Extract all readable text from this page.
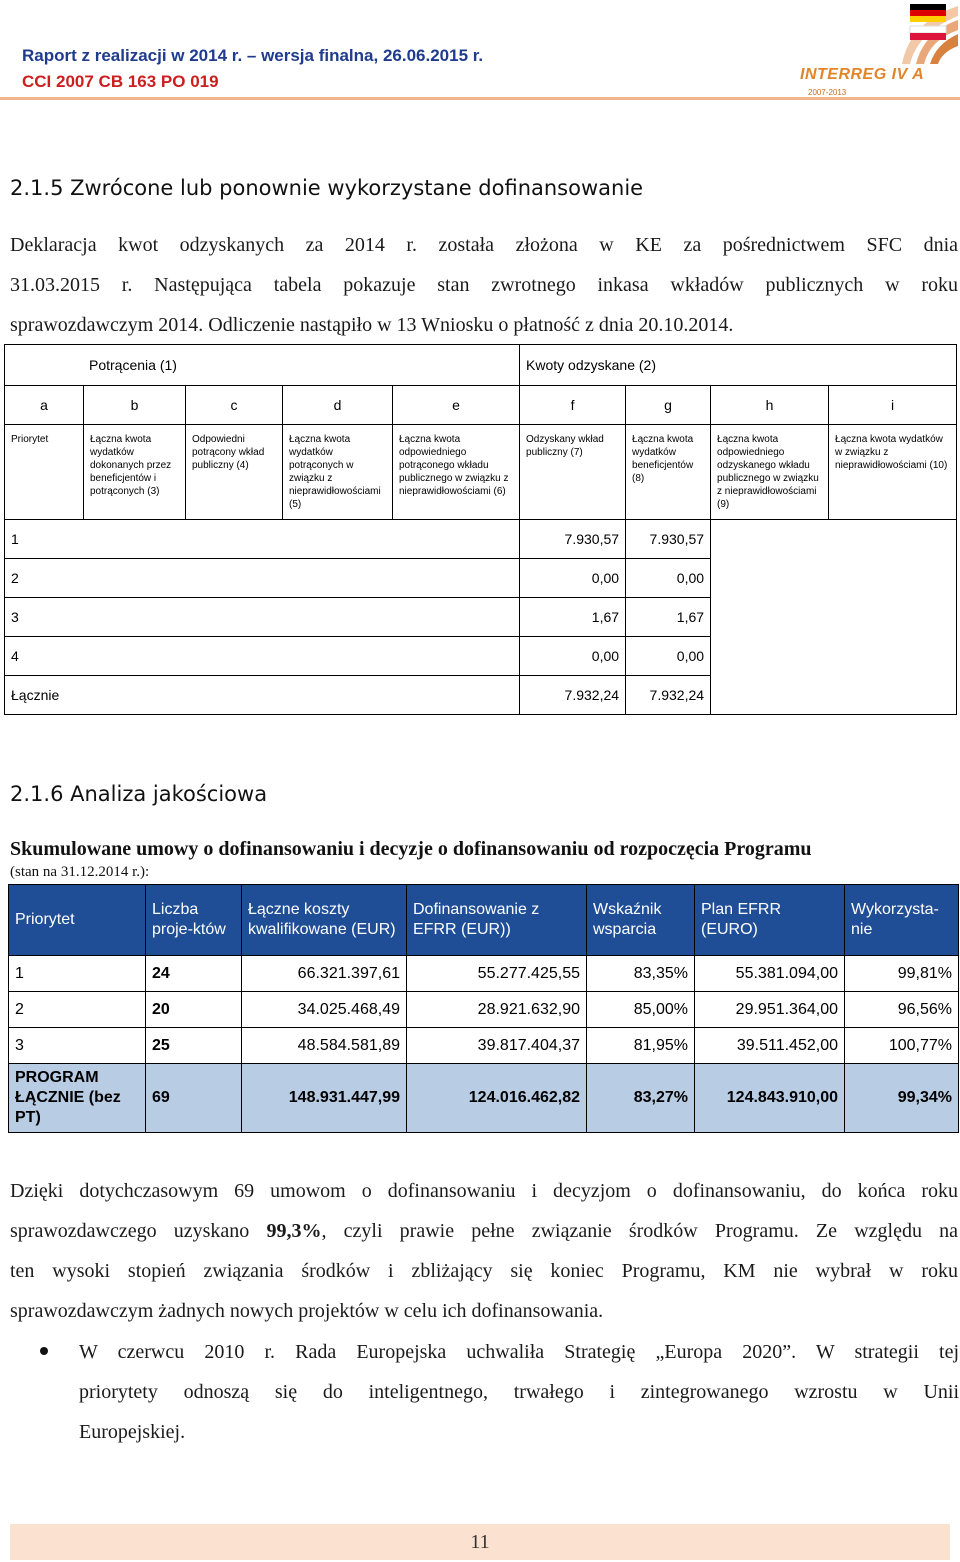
Raport z realizacji w 2014 r. – wersja finalna, 26.06.2015 r.
CCI 2007 CB 163 PO 019	INTERREG IV A
2007-2013
2.1.5 Zwrócone lub ponownie wykorzystane dofinansowanie
Deklaracja kwot odzyskanych za 2014 r. została złożona w KE za pośrednictwem SFC dnia
31.03.2015 r. Następująca tabela pokazuje stan zwrotnego inkasa wkładów publicznych w roku
sprawozdawczym 2014. Odliczenie nastąpiło w 13 Wniosku o płatność z dnia 20.10.2014.
Potrącenia (1)					Kwoty odzyskane (2)			
a	b	c	d	e	f	g	h	i
Priorytet	Łączna kwota wydatków dokonanych przez beneficjentów i potrąconych (3)	Odpowiedni potrącony wkład publiczny (4)	Łączna kwota wydatków potrąconych w związku z nieprawidłowościami (5)	Łączna kwota odpowiedniego potrąconego wkładu publicznego w związku z nieprawidłowościami (6)	Odzyskany wkład publiczny (7)	Łączna kwota wydatków beneficjentów (8)	Łączna kwota odpowiedniego odzyskanego wkładu publicznego w związku z nieprawidłowościami (9)	Łączna kwota wydatków w związku z nieprawidłowościami (10)
1					7.930,57	7.930,57		
2					0,00	0,00		
3					1,67	1,67		
4					0,00	0,00		
Łącznie					7.932,24	7.932,24		
2.1.6 Analiza jakościowa
Skumulowane umowy o dofinansowaniu i decyzje o dofinansowaniu od rozpoczęcia Programu
(stan na 31.12.2014 r.):
Priorytet	Liczba proje-któw	Łączne koszty kwalifikowane (EUR)	Dofinansowanie z EFRR (EUR))	Wskaźnik wsparcia	Plan EFRR (EURO)	Wykorzysta-nie
1	24	66.321.397,61	55.277.425,55	83,35%	55.381.094,00	99,81%
2	20	34.025.468,49	28.921.632,90	85,00%	29.951.364,00	96,56%
3	25	48.584.581,89	39.817.404,37	81,95%	39.511.452,00	100,77%
PROGRAM ŁĄCZNIE (bez PT)	69	148.931.447,99	124.016.462,82	83,27%	124.843.910,00	99,34%
Dzięki dotychczasowym 69 umowom o dofinansowaniu i decyzjom o dofinansowaniu, do końca roku
sprawozdawczego uzyskano 99,3%, czyli prawie pełne związanie środków Programu. Ze względu na
ten wysoki stopień związania środków i zbliżający się koniec Programu, KM nie wybrał w roku
sprawozdawczym żadnych nowych projektów w celu ich dofinansowania.
W czerwcu 2010 r. Rada Europejska uchwaliła Strategię „Europa 2020”. W strategii tej
priorytety odnoszą się do inteligentnego, trwałego i zintegrowanego wzrostu w Unii
Europejskiej.
11
